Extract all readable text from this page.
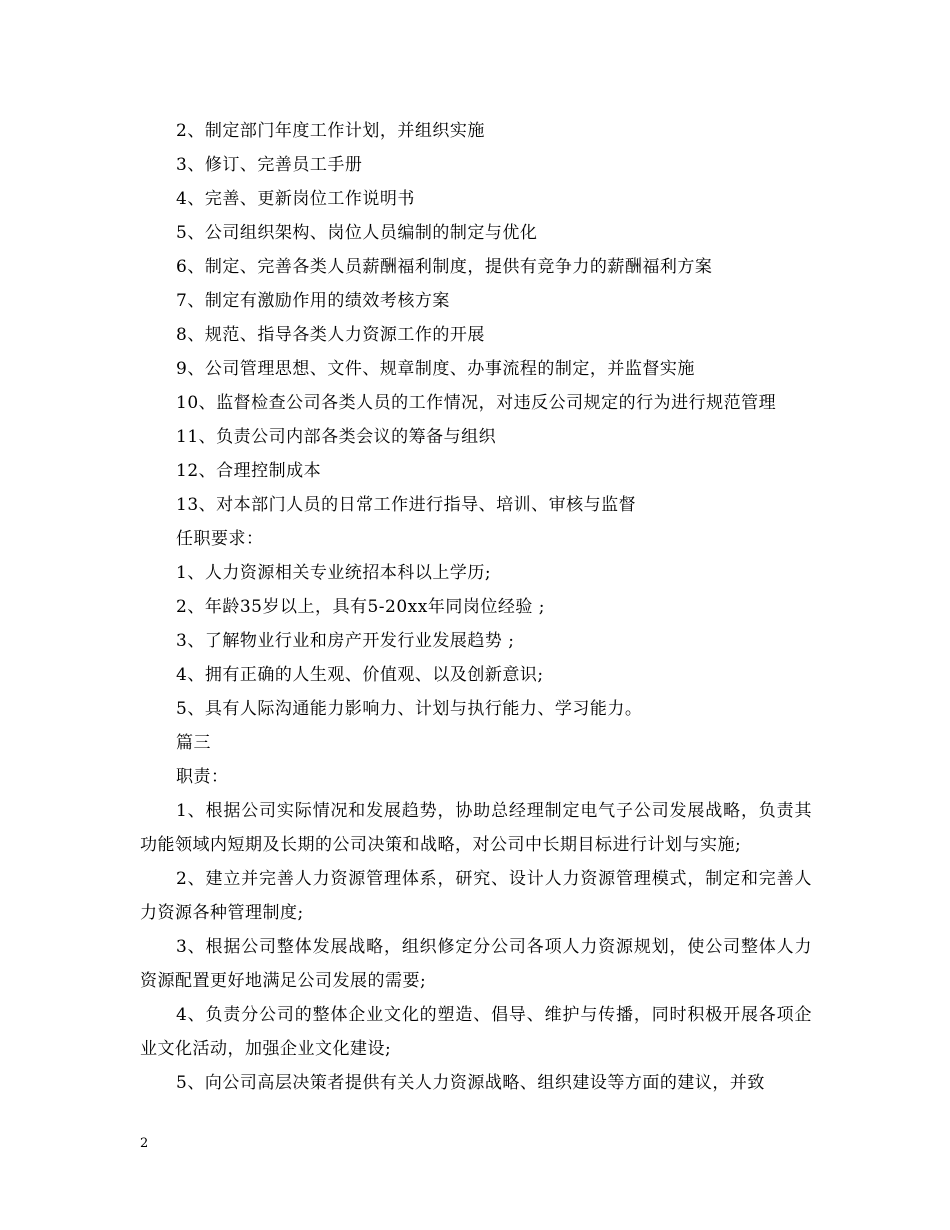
2、制定部门年度工作计划，并组织实施
3、修订、完善员工手册
4、完善、更新岗位工作说明书
5、公司组织架构、岗位人员编制的制定与优化
6、制定、完善各类人员薪酬福利制度，提供有竞争力的薪酬福利方案
7、制定有激励作用的绩效考核方案
8、规范、指导各类人力资源工作的开展
9、公司管理思想、文件、规章制度、办事流程的制定，并监督实施
10、监督检查公司各类人员的工作情况，对违反公司规定的行为进行规范管理
11、负责公司内部各类会议的筹备与组织
12、合理控制成本
13、对本部门人员的日常工作进行指导、培训、审核与监督
任职要求：
1、人力资源相关专业统招本科以上学历;
2、年龄35岁以上，具有5-20xx年同岗位经验 ;
3、了解物业行业和房产开发行业发展趋势 ;
4、拥有正确的人生观、价值观、以及创新意识;
5、具有人际沟通能力影响力、计划与执行能力、学习能力。
篇三
职责：
1、根据公司实际情况和发展趋势，协助总经理制定电气子公司发展战略，负责其功能领域内短期及长期的公司决策和战略，对公司中长期目标进行计划与实施;
2、建立并完善人力资源管理体系，研究、设计人力资源管理模式，制定和完善人力资源各种管理制度;
3、根据公司整体发展战略，组织修定分公司各项人力资源规划，使公司整体人力资源配置更好地满足公司发展的需要;
4、负责分公司的整体企业文化的塑造、倡导、维护与传播，同时积极开展各项企业文化活动，加强企业文化建设;
5、向公司高层决策者提供有关人力资源战略、组织建设等方面的建议，并致
2
